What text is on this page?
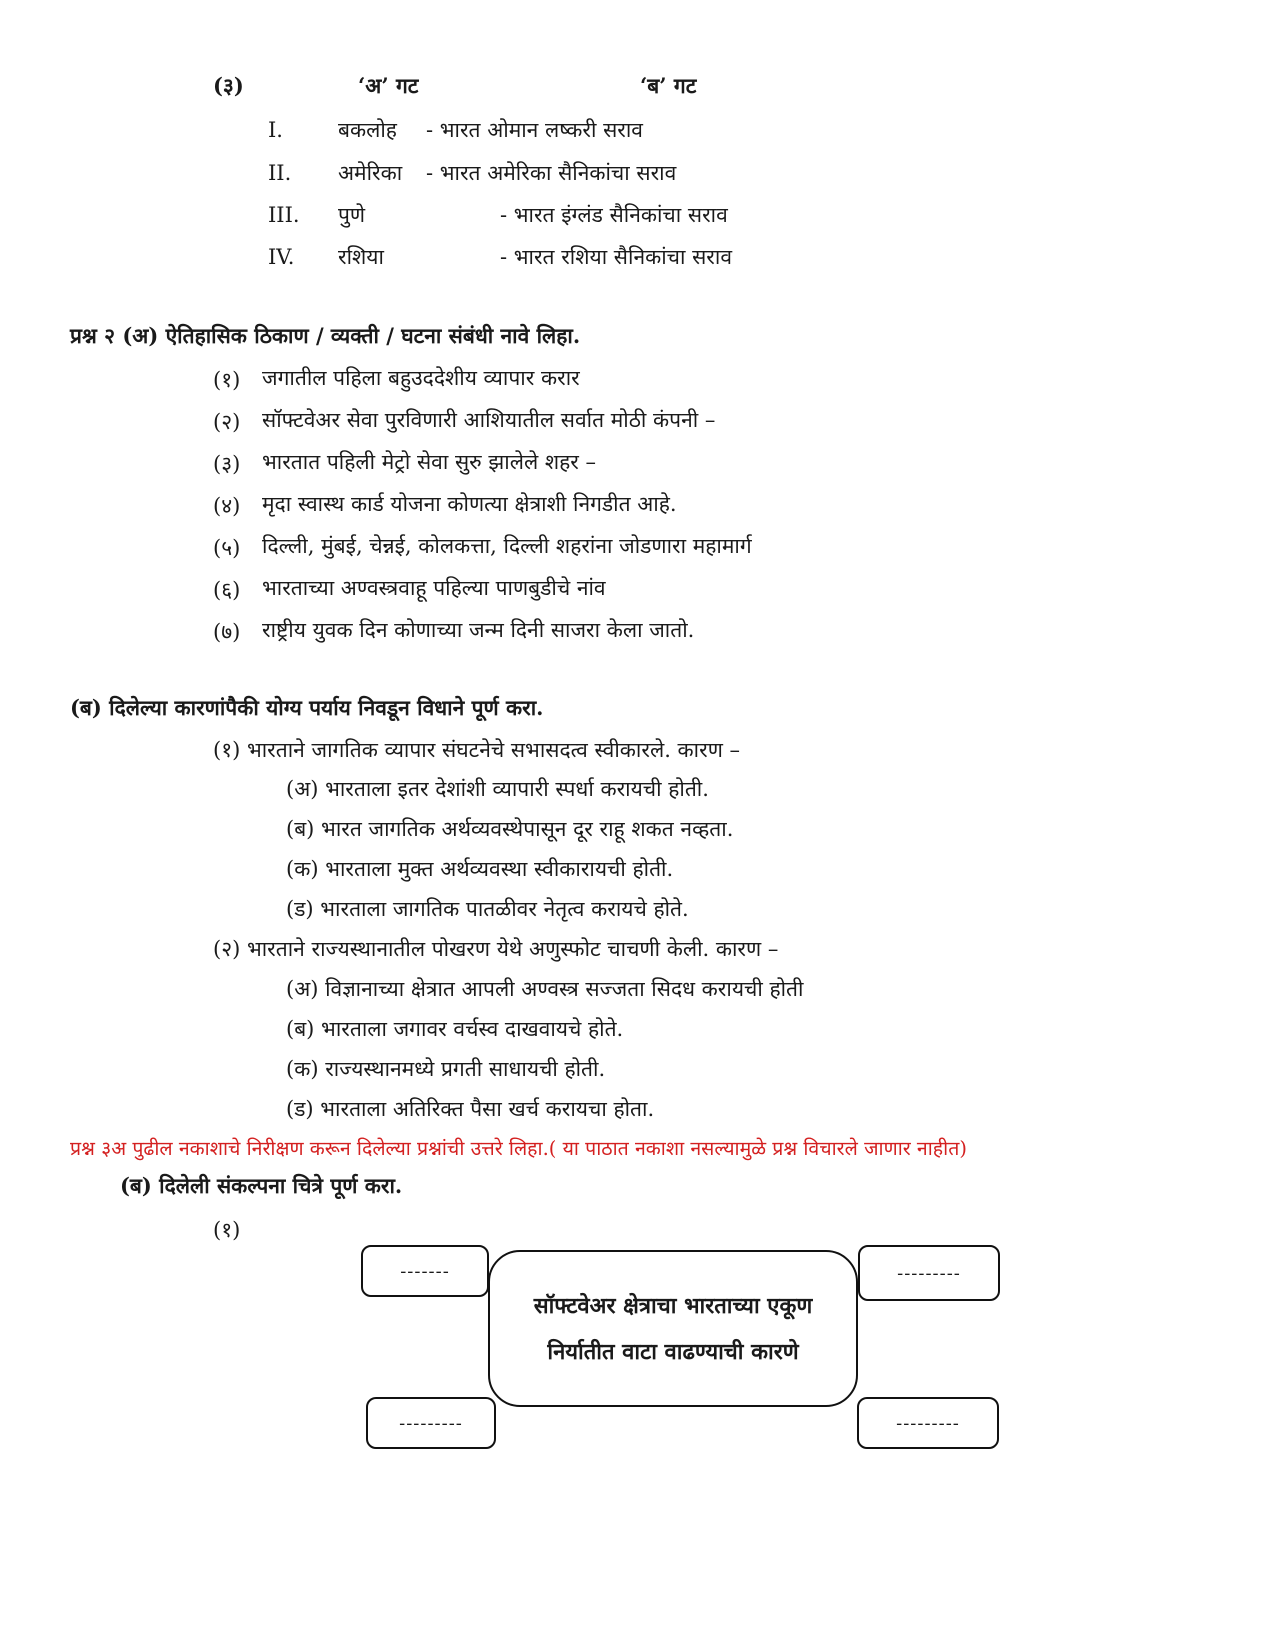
(३)	‘अ’ गट	‘ब’ गट
I.	बकलोह - भारत ओमान लष्करी सराव
II. अमेरिका - भारत अमेरिका सैनिकांचा सराव
III. पुणे	- भारत इंग्लंड सैनिकांचा सराव
IV. रशिया	- भारत रशिया सैनिकांचा सराव
प्रश्न २ (अ) ऐतिहासिक ठिकाण / व्यक्ती / घटना संबंधी नावे लिहा.
(१) जगातील पहिला बहुउददेशीय व्यापार करार
(२) सॉफ्टवेअर सेवा पुरविणारी आशियातील सर्वात मोठी कंपनी –
(३) भारतात पहिली मेट्रो सेवा सुरु झालेले शहर –
(४) मृदा स्वास्थ कार्ड योजना कोणत्या क्षेत्राशी निगडीत आहे.
(५) दिल्ली, मुंबई, चेन्नई, कोलकत्ता, दिल्ली शहरांना जोडणारा महामार्ग
(६) भारताच्या अण्वस्त्रवाहू पहिल्या पाणबुडीचे नांव
(७) राष्ट्रीय युवक दिन कोणाच्या जन्म दिनी साजरा केला जातो.
(ब) दिलेल्या कारणांपैकी योग्य पर्याय निवडून विधाने पूर्ण करा.
(१) भारताने जागतिक व्यापार संघटनेचे सभासदत्व स्वीकारले. कारण –
(अ) भारताला इतर देशांशी व्यापारी स्पर्धा करायची होती.
(ब) भारत जागतिक अर्थव्यवस्थेपासून दूर राहू शकत नव्हता.
(क) भारताला मुक्त अर्थव्यवस्था स्वीकारायची होती.
(ड) भारताला जागतिक पातळीवर नेतृत्व करायचे होते.
(२) भारताने राज्यस्थानातील पोखरण येथे अणुस्फोट चाचणी केली. कारण –
(अ) विज्ञानाच्या क्षेत्रात आपली अण्वस्त्र सज्जता सिदध करायची होती
(ब) भारताला जगावर वर्चस्व दाखवायचे होते.
(क) राज्यस्थानमध्ये प्रगती साधायची होती.
(ड) भारताला अतिरिक्त पैसा खर्च करायचा होता.
प्रश्न ३अ पुढील नकाशाचे निरीक्षण करून दिलेल्या प्रश्नांची उत्तरे लिहा.( या पाठात नकाशा नसल्यामुळे प्रश्न विचारले जाणार नाहीत)
(ब) दिलेली संकल्पना चित्रे पूर्ण करा.
(१)
-------	---------
---------	---------
सॉफ्टवेअर क्षेत्राचा भारताच्या एकूण
निर्यातीत वाटा वाढण्याची कारणे
